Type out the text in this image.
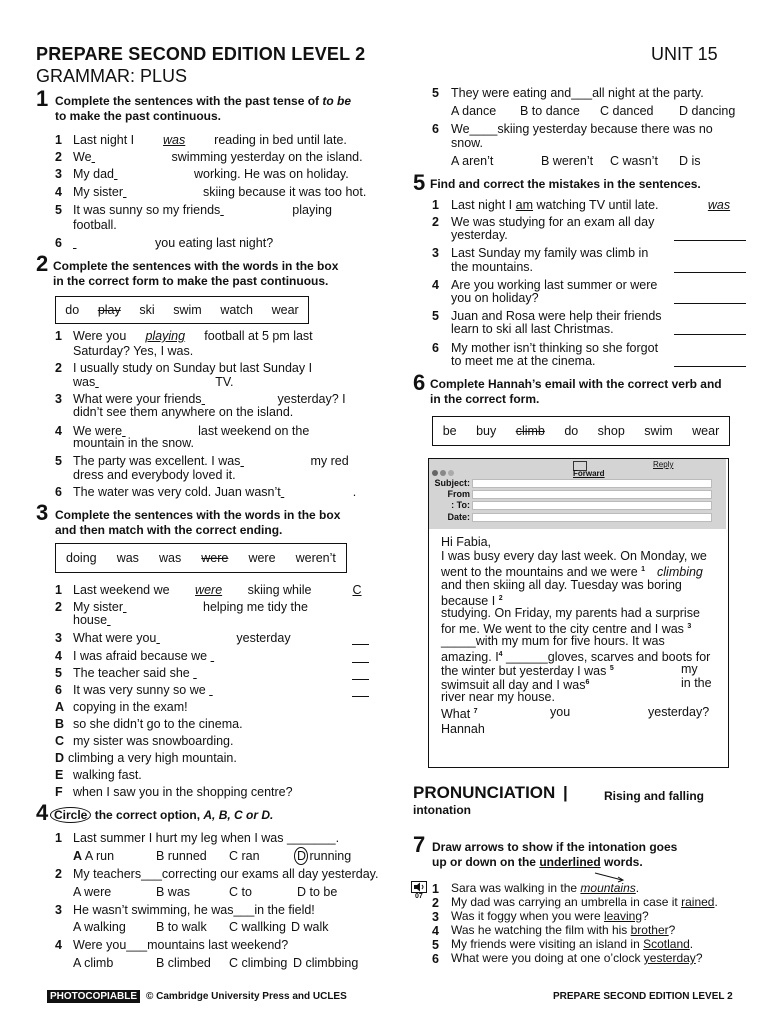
PREPARE SECOND EDITION LEVEL 2
GRAMMAR: PLUS
UNIT 15
1 Complete the sentences with the past tense of to be
to make the past continuous.
1 Last night I was reading in bed until late.
2 We	swimming yesterday on the island.
3 My dad	working. He was on holiday.
4 My sister	skiing because it was too hot.
5 It was sunny so my friends	playing
football.
6	you eating last night?
2 Complete the sentences with the words in the box
in the correct form to make the past continuous.
do play ski swim watch wear
1 Were you playing football at 5 pm last
Saturday? Yes, I was.
2 I usually study on Sunday but last Sunday I
was	TV.
3 What were your friends	yesterday? I
didn’t see them anywhere on the island.
4 We were	last weekend on the
mountain in the snow.
5 The party was excellent. I was	my red
dress and everybody loved it.
6 The water was very cold. Juan wasn’t	.
3 Complete the sentences with the words in the box
and then match with the correct ending.
doing was was were were weren’t
1 Last weekend we were skiing while	C
2 My sister	helping me tidy the
house
3 What were you	yesterday
4 I was afraid because we
5 The teacher said she
6 It was very sunny so we
A copying in the exam!
B so she didn’t go to the cinema.
C my sister was snowboarding.
D climbing a very high mountain.
E walking fast.
F when I saw you in the shopping centre?
4 Circle the correct option, A, B, C or D.
1 Last summer I hurt my leg when I was _______.
A A run	B runned C ran	D running
2 My teachers___correcting our exams all day yesterday.
A were	B was	C to	D to be
3 He wasn’t swimming, he was___in the field!
A walking B to walk C wallking D walk
4 Were you___mountains last weekend?
A climb	B climbed C climbing D climbbing
5 They were eating and___all night at the party.
A dance B to dance C danced D dancing
6 We____skiing yesterday because there was no
snow.
A aren’t	B weren’t C wasn’t D is
5 Find and correct the mistakes in the sentences.
1 Last night I am watching TV until late.	was
2 We was studying for an exam all day
yesterday.
3 Last Sunday my family was climb in
the mountains.
4 Are you working last summer or were
you on holiday?
5 Juan and Rosa were help their friends
learn to ski all last Christmas.
6 My mother isn’t thinking so she forgot
to meet me at the cinema.
6 Complete Hannah’s email with the correct verb and
in the correct form.
be buy climb do shop swim wear
Forward
Reply
Subject:
From
: To:
Date:
Hi Fabia,
I was busy every day last week. On Monday, we
went to the mountains and we were $^1$ climbing
and then skiing all day. Tuesday was boring
because I $^2$
studying. On Friday, my parents had a surprise
for me. We went to the city centre and I was $^3$
_____with my mum for five hours. It was
amazing. $I^4$ ______gloves, scarves and boots for
the winter but yesterday I was $^5$	my
swimsuit all day and I was$^6$	in the
river near my house.
What $^7$	you	yesterday?
Hannah
PRONUNCIATION |	Rising and falling
intonation
7 Draw arrows to show if the intonation goes
up or down on the underlined words.
07
1 Sara was walking in the mountains.
2 My dad was carrying an umbrella in case it rained.
3 Was it foggy when you were leaving?
4 Was he watching the film with his brother?
5 My friends were visiting an island in Scotland.
6 What were you doing at one o’clock yesterday?
PHOTOCOPIABLE © Cambridge University Press and UCLES	PREPARE SECOND EDITION LEVEL 2
